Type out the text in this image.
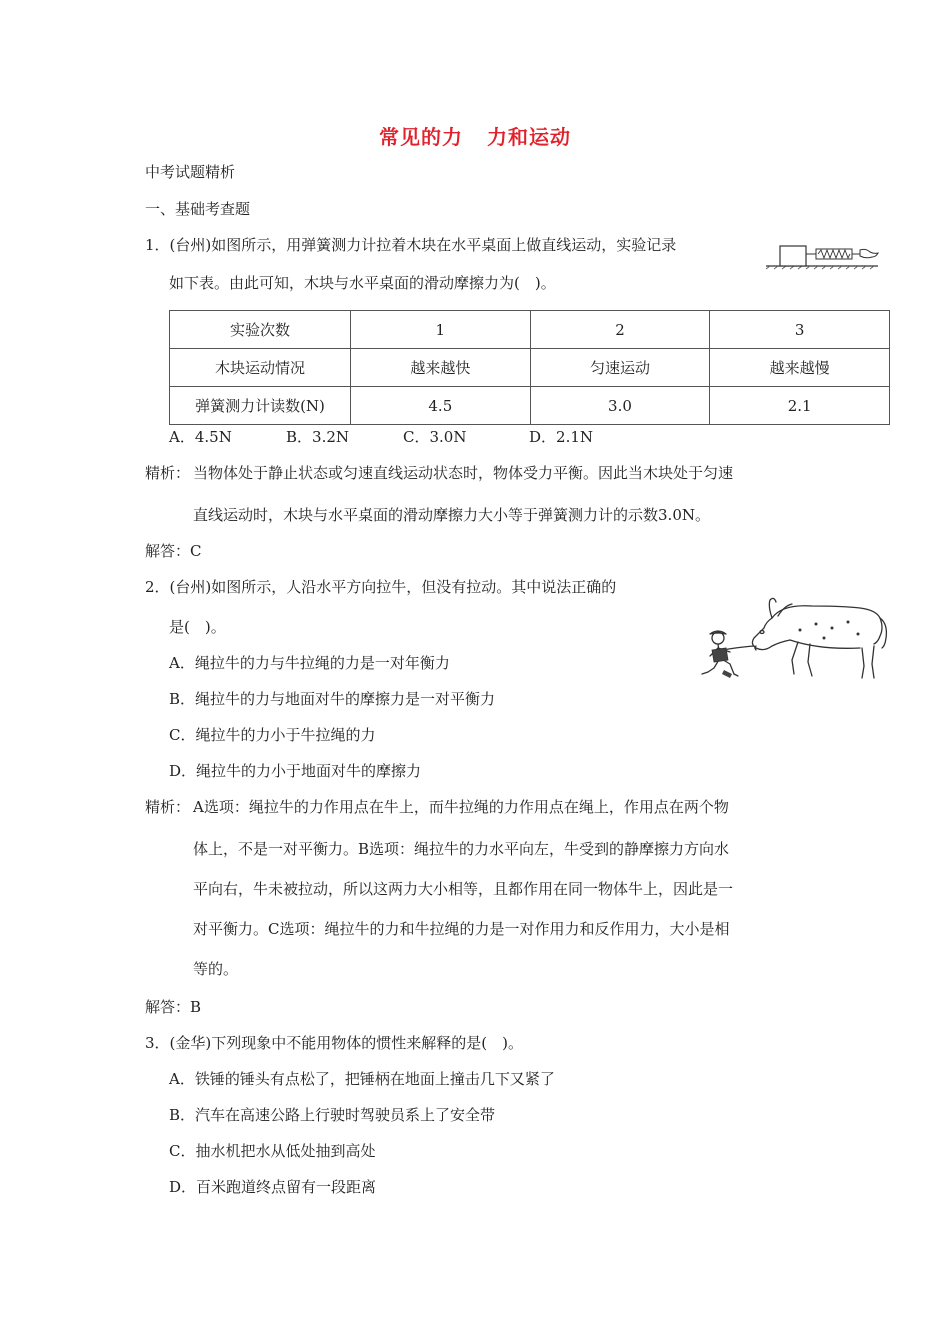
常见的力 力和运动
中考试题精析
一、基础考查题
1．(台州)如图所示，用弹簧测力计拉着木块在水平桌面上做直线运动，实验记录
如下表。由此可知，木块与水平桌面的滑动摩擦力为(　)。
实验次数	1	2	3
木块运动情况	越来越快	匀速运动	越来越慢
弹簧测力计读数(N)	4.5	3.0	2.1
A．4.5N	B．3.2N	C．3.0N	D．2.1N
精析： 当物体处于静止状态或匀速直线运动状态时，物体受力平衡。因此当木块处于匀速
直线运动时，木块与水平桌面的滑动摩擦力大小等于弹簧测力计的示数3.0N。
解答：C
2．(台州)如图所示，人沿水平方向拉牛，但没有拉动。其中说法正确的
是(　)。
A．绳拉牛的力与牛拉绳的力是一对年衡力
B．绳拉牛的力与地面对牛的摩擦力是一对平衡力
C．绳拉牛的力小于牛拉绳的力
D．绳拉牛的力小于地面对牛的摩擦力
精析： A选项：绳拉牛的力作用点在牛上，而牛拉绳的力作用点在绳上，作用点在两个物
体上，不是一对平衡力。B选项：绳拉牛的力水平向左，牛受到的静摩擦力方向水
平向右，牛未被拉动，所以这两力大小相等，且都作用在同一物体牛上，因此是一
对平衡力。C选项：绳拉牛的力和牛拉绳的力是一对作用力和反作用力，大小是相
等的。
解答：B
3．(金华)下列现象中不能用物体的惯性来解释的是(　)。
A．铁锤的锤头有点松了，把锤柄在地面上撞击几下又紧了
B．汽车在高速公路上行驶时驾驶员系上了安全带
C．抽水机把水从低处抽到高处
D．百米跑道终点留有一段距离
